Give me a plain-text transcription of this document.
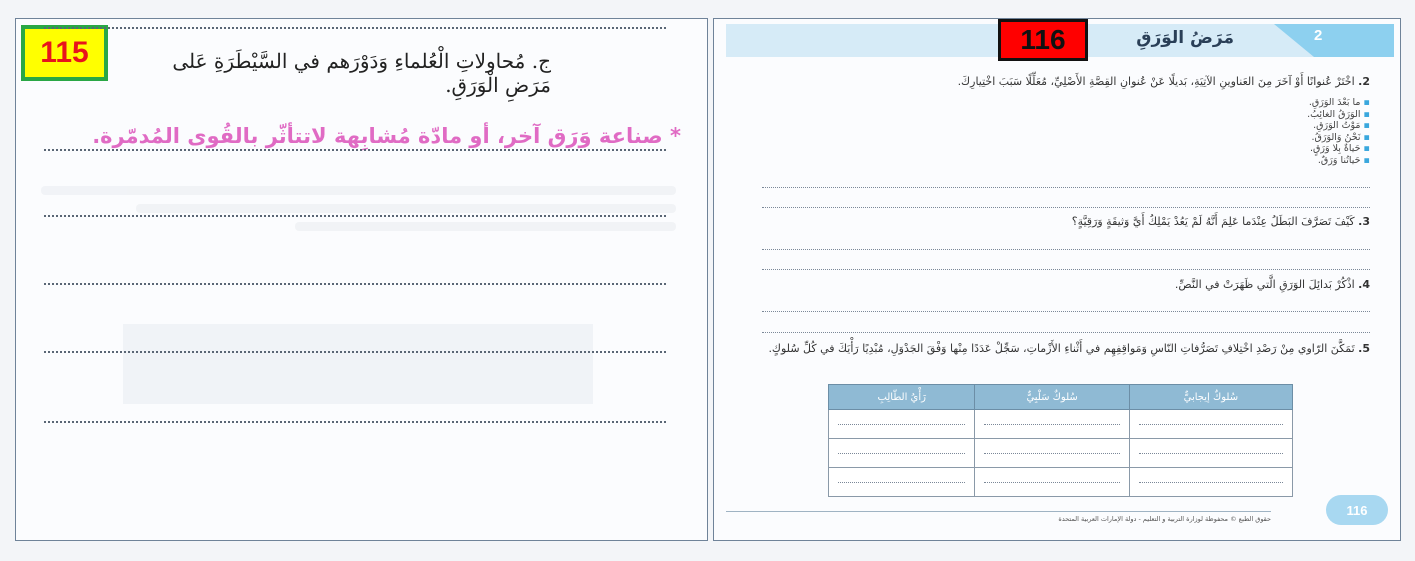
115	ج. مُحاولاتِ الْعُلماءِ وَدَوْرَهم في السَّيْطَرَةِ عَلى مَرَضِ الْوَرَقِ.
* صناعة وَرَق آخر، أو مادّة مُشابِهة لاتتأثّر بالقُوى المُدمّرة.
2
مَرَضُ الوَرَقِ
116
2. اخْتَرْ عُنوانًا أَوْ آخَرَ مِنَ العَناوينِ الآتِيَةِ، بَديلًا عَنْ عُنوانِ القِصَّةِ الأَصْلِيِّ، مُعَلِّلًا سَبَبَ اخْتِيارِكَ.
▪ ما بَعْدَ الوَرَقِ.
▪ الوَرَقُ الغائِبُ.
▪ مَوْتُ الوَرَقِ.
▪ نَحْنُ وَالوَرَقُ.
▪ حَياةٌ بِلا وَرَقٍ.
▪ حَياتُنا وَرَقٌ.
3. كَيْفَ تَصَرَّفَ البَطَلُ عِنْدَما عَلِمَ أَنَّهُ لَمْ يَعُدْ يَمْلِكُ أَيَّ وَثيقَةٍ وَرَقِيَّةٍ؟
4. اذْكُرْ بَدائِلَ الوَرَقِ الَّتي ظَهَرَتْ في النَّصِّ.
5. تَمَكَّنَ الرّاوي مِنْ رَصْدِ اخْتِلافِ تَصَرُّفاتِ النّاسِ وَمَواقِفِهِم في أَثْناءِ الأَزْماتِ، سَجِّلْ عَدَدًا مِنْها وَفْقَ الجَدْوَلِ، مُبْدِيًا رَأْيَكَ في كُلِّ سُلوكٍ.
رَأْيُ الطّالِبِ	سُلوكٌ سَلْبِيٌّ	سُلوكٌ إيجابيٌّ

حقوق الطبع © محفوظة لوزارة التربية و التعليم - دولة الإمارات العربية المتحدة
116
